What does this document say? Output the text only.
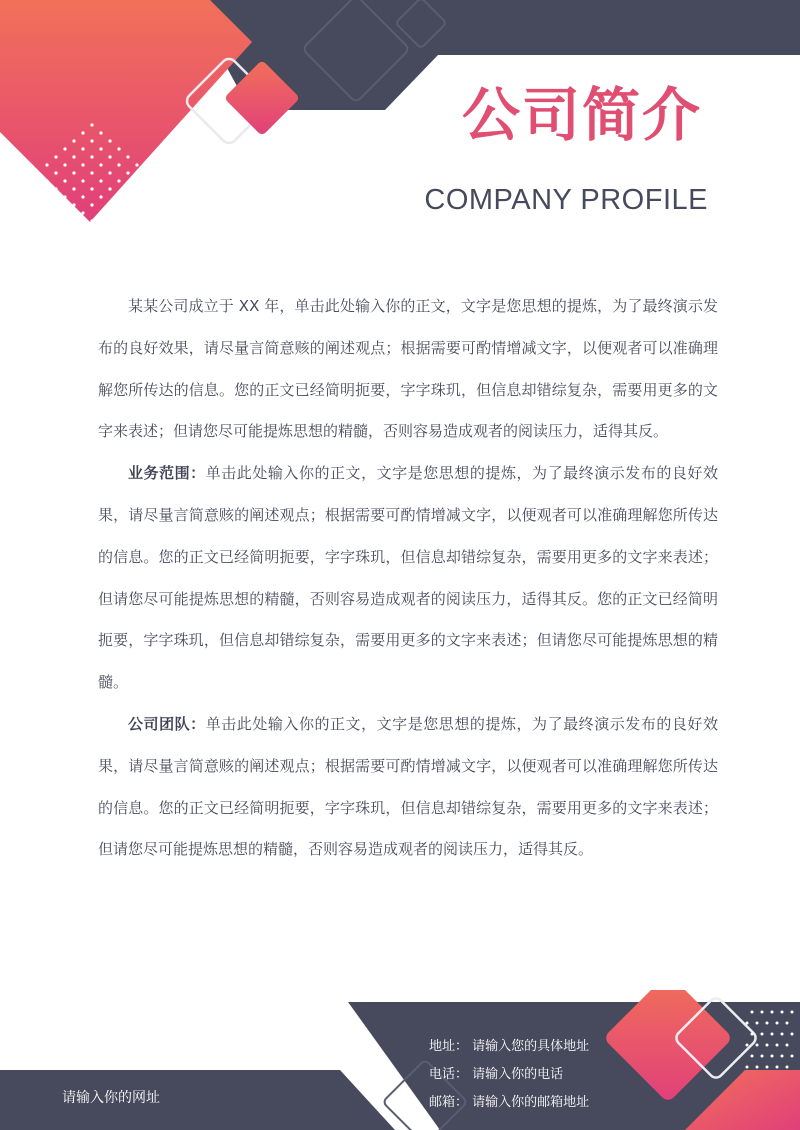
公司简介
COMPANY PROFILE

某某公司成立于 XX 年，单击此处输入你的正文，文字是您思想的提炼，为了最终演示发布的良好效果，请尽量言简意赅的阐述观点；根据需要可酌情增减文字，以便观者可以准确理解您所传达的信息。您的正文已经简明扼要，字字珠玑，但信息却错综复杂，需要用更多的文字来表述；但请您尽可能提炼思想的精髓，否则容易造成观者的阅读压力，适得其反。

业务范围：单击此处输入你的正文，文字是您思想的提炼，为了最终演示发布的良好效果，请尽量言简意赅的阐述观点；根据需要可酌情增减文字，以便观者可以准确理解您所传达的信息。您的正文已经简明扼要，字字珠玑，但信息却错综复杂，需要用更多的文字来表述；但请您尽可能提炼思想的精髓，否则容易造成观者的阅读压力，适得其反。您的正文已经简明扼要，字字珠玑，但信息却错综复杂，需要用更多的文字来表述；但请您尽可能提炼思想的精髓。

公司团队：单击此处输入你的正文，文字是您思想的提炼，为了最终演示发布的良好效果，请尽量言简意赅的阐述观点；根据需要可酌情增减文字，以便观者可以准确理解您所传达的信息。您的正文已经简明扼要，字字珠玑，但信息却错综复杂，需要用更多的文字来表述；但请您尽可能提炼思想的精髓，否则容易造成观者的阅读压力，适得其反。

请输入你的网址
地址： 请输入您的具体地址
电话： 请输入你的电话
邮箱： 请输入你的邮箱地址
